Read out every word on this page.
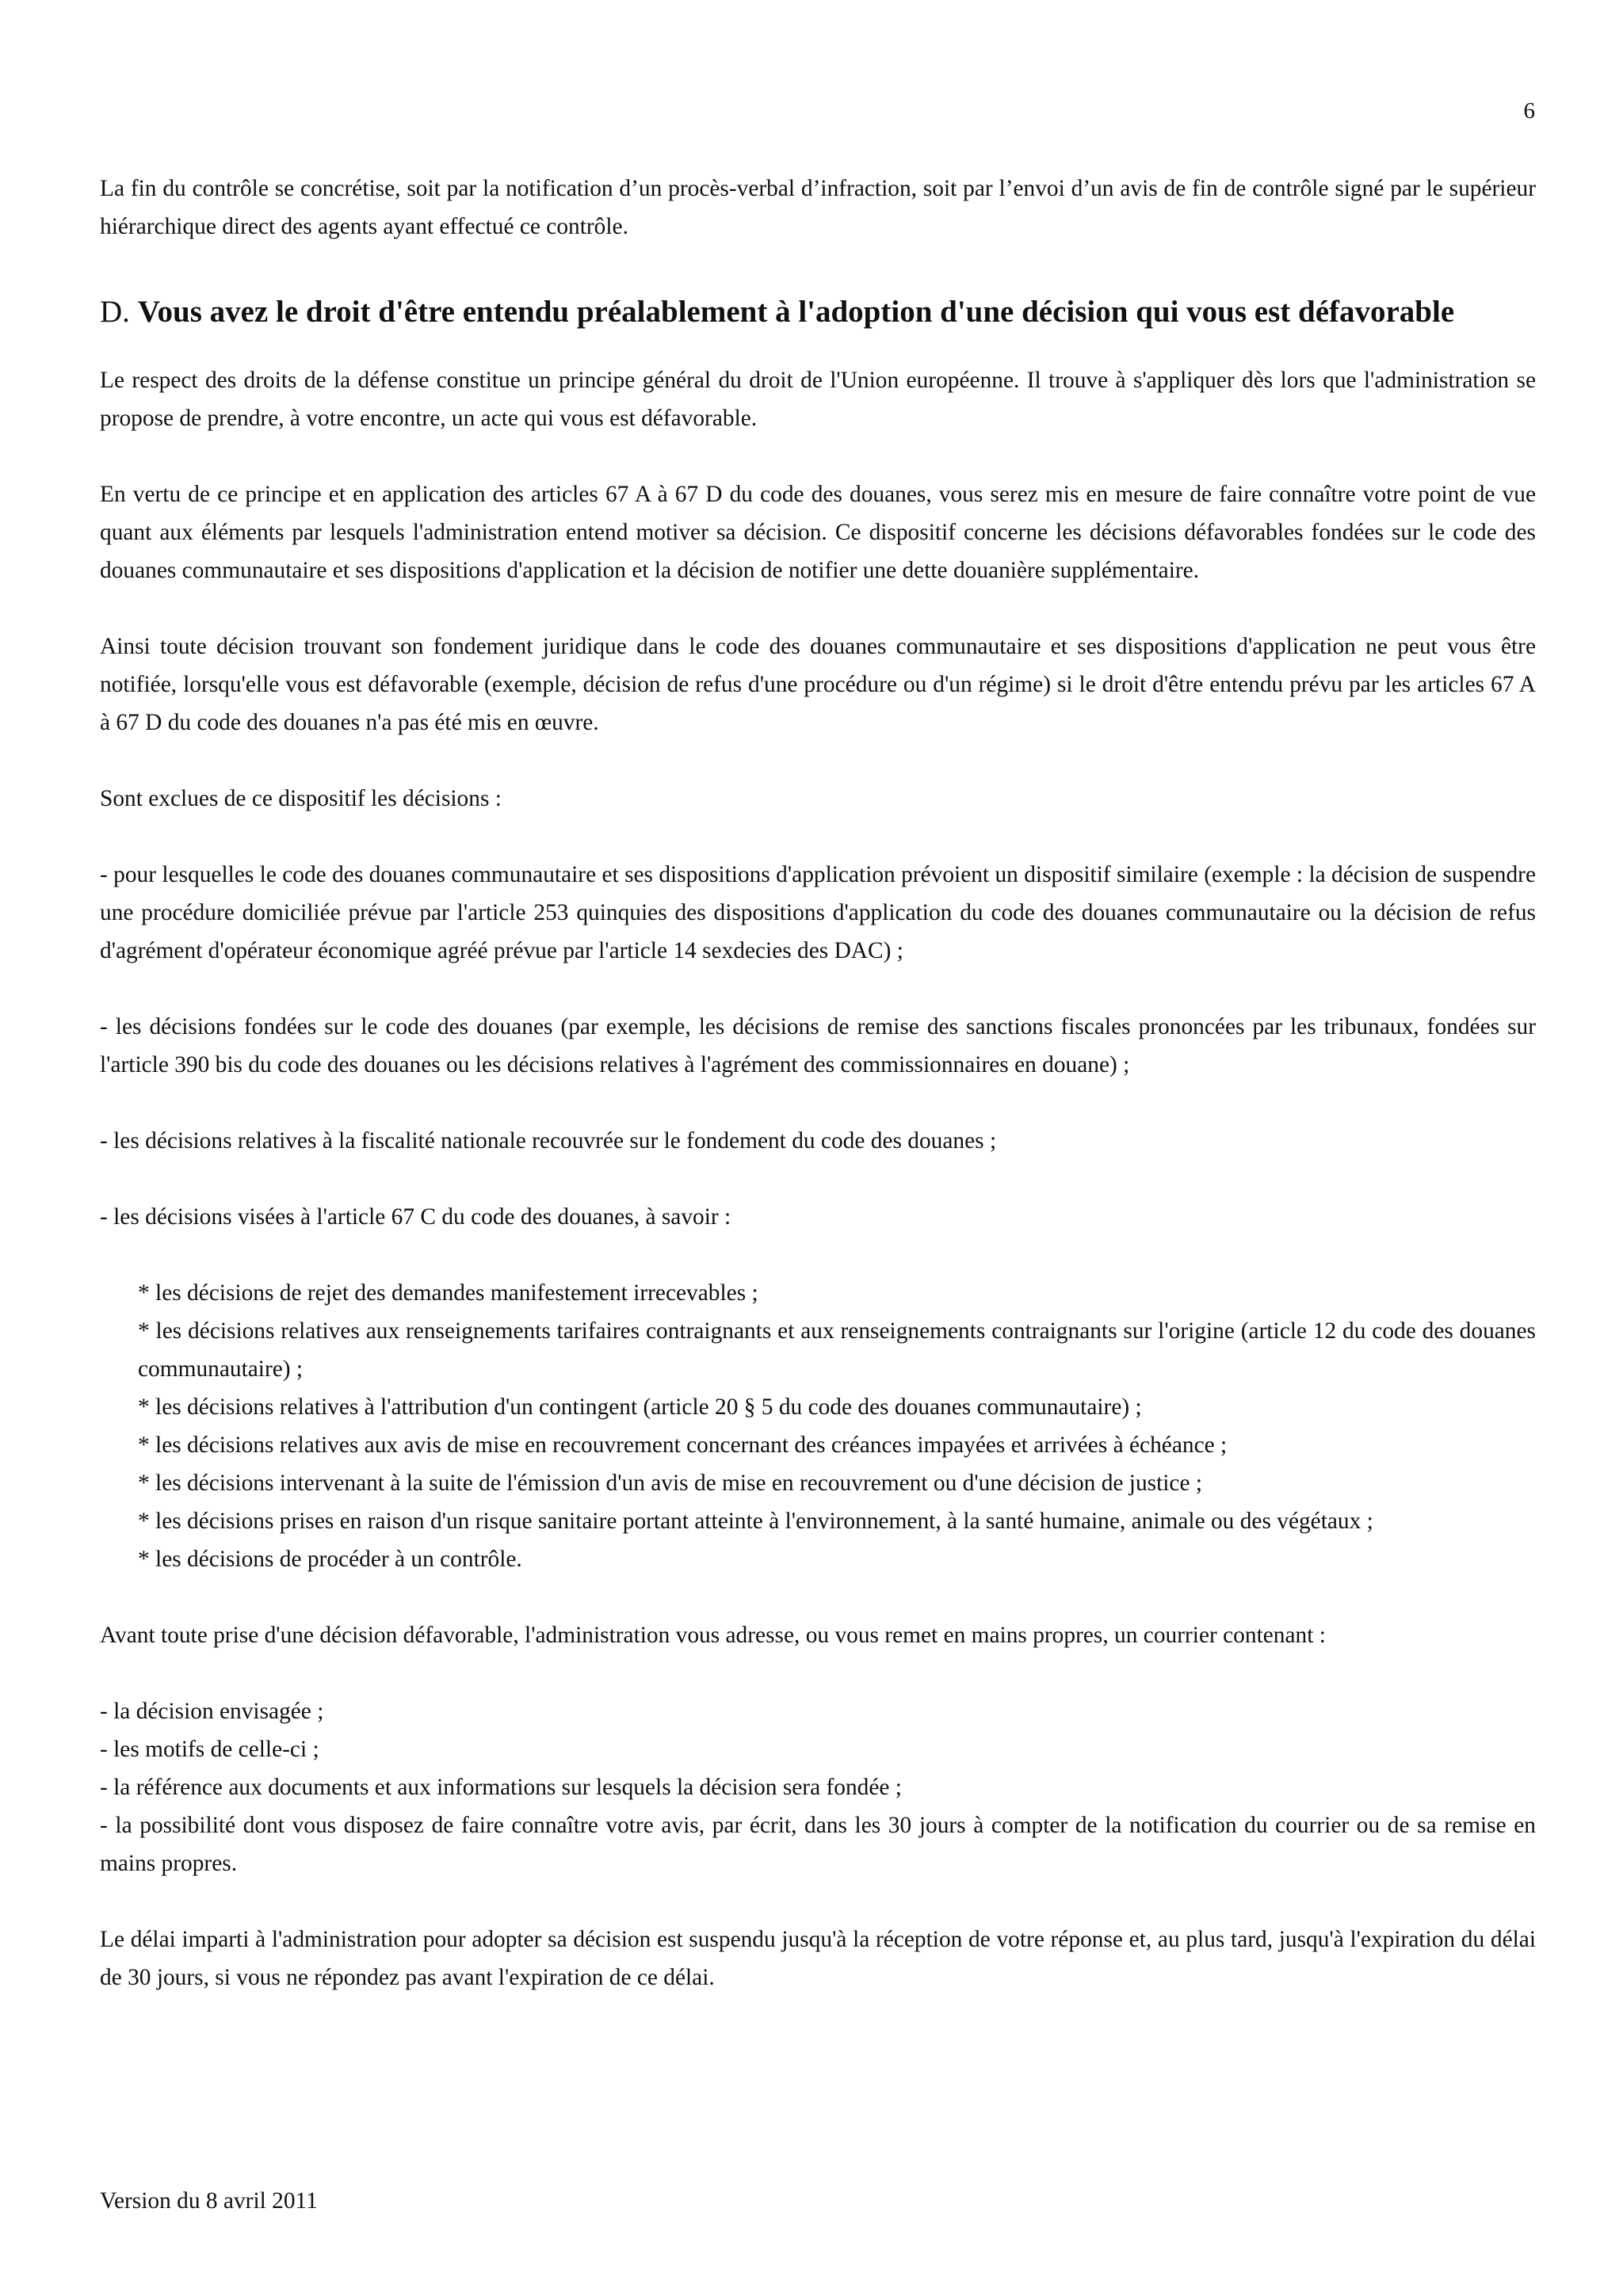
6

La fin du contrôle se concrétise, soit par la notification d’un procès-verbal d’infraction, soit par l’envoi d’un avis de fin de contrôle signé par le supérieur hiérarchique direct des agents ayant effectué ce contrôle.

D. Vous avez le droit d'être entendu préalablement à l'adoption d'une décision qui vous est défavorable

Le respect des droits de la défense constitue un principe général du droit de l'Union européenne. Il trouve à s'appliquer dès lors que l'administration se propose de prendre, à votre encontre, un acte qui vous est défavorable.

En vertu de ce principe et en application des articles 67 A à 67 D du code des douanes, vous serez mis en mesure de faire connaître votre point de vue quant aux éléments par lesquels l'administration entend motiver sa décision. Ce dispositif concerne les décisions défavorables fondées sur le code des douanes communautaire et ses dispositions d'application et la décision de notifier une dette douanière supplémentaire.

Ainsi toute décision trouvant son fondement juridique dans le code des douanes communautaire et ses dispositions d'application ne peut vous être notifiée, lorsqu'elle vous est défavorable (exemple, décision de refus d'une procédure ou d'un régime) si le droit d'être entendu prévu par les articles 67 A à 67 D du code des douanes n'a pas été mis en œuvre.

Sont exclues de ce dispositif les décisions :

- pour lesquelles le code des douanes communautaire et ses dispositions d'application prévoient un dispositif similaire (exemple : la décision de suspendre une procédure domiciliée prévue par l'article 253 quinquies des dispositions d'application du code des douanes communautaire ou la décision de refus d'agrément d'opérateur économique agréé prévue par l'article 14 sexdecies des DAC) ;

- les décisions fondées sur le code des douanes (par exemple, les décisions de remise des sanctions fiscales prononcées par les tribunaux, fondées sur l'article 390 bis du code des douanes ou les décisions relatives à l'agrément des commissionnaires en douane) ;

- les décisions relatives à la fiscalité nationale recouvrée sur le fondement du code des douanes ;

- les décisions visées à l'article 67 C du code des douanes, à savoir :

* les décisions de rejet des demandes manifestement irrecevables ;

* les décisions relatives aux renseignements tarifaires contraignants et aux renseignements contraignants sur l'origine (article 12 du code des douanes communautaire) ;

* les décisions relatives à l'attribution d'un contingent (article 20 § 5 du code des douanes communautaire) ;

* les décisions relatives aux avis de mise en recouvrement concernant des créances impayées et arrivées à échéance ;

* les décisions intervenant à la suite de l'émission d'un avis de mise en recouvrement ou d'une décision de justice ;

* les décisions prises en raison d'un risque sanitaire portant atteinte à l'environnement, à la santé humaine, animale ou des végétaux ;

* les décisions de procéder à un contrôle.

Avant toute prise d'une décision défavorable, l'administration vous adresse, ou vous remet en mains propres, un courrier contenant :

- la décision envisagée ;

- les motifs de celle-ci ;

- la référence aux documents et aux informations sur lesquels la décision sera fondée ;

- la possibilité dont vous disposez de faire connaître votre avis, par écrit, dans les 30 jours à compter de la notification du courrier ou de sa remise en mains propres.

Le délai imparti à l'administration pour adopter sa décision est suspendu jusqu'à la réception de votre réponse et, au plus tard, jusqu'à l'expiration du délai de 30 jours, si vous ne répondez pas avant l'expiration de ce délai.

Version du 8 avril 2011
